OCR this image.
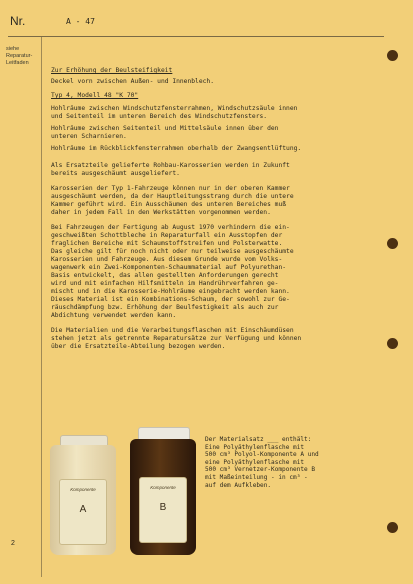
Nr.	A - 47
siehe
Reparatur-
Leitfaden
Zur Erhöhung der Beulsteifigkeit

Deckel vorn zwischen Außen- und Innenblech.

Typ 4, Modell 48 "K 70"

Hohlräume zwischen Windschutzfensterrahmen, Windschutzsäule innen
und Seitenteil im unteren Bereich des Windschutzfensters.

Hohlräume zwischen Seitenteil und Mittelsäule innen über den
unteren Scharnieren.

Hohlräume im Rückblickfensterrahmen oberhalb der Zwangsentlüftung.

Als Ersatzteile gelieferte Rohbau-Karosserien werden in Zukunft
bereits ausgeschäumt ausgeliefert.

Karosserien der Typ 1-Fahrzeuge können nur in der oberen Kammer
ausgeschäumt werden, da der Hauptleitungsstrang durch die untere
Kammer geführt wird. Ein Ausschäumen des unteren Bereiches muß
daher in jedem Fall in den Werkstätten vorgenommen werden.

Bei Fahrzeugen der Fertigung ab August 1970 verhindern die ein-
geschweißten Schottbleche in Reparaturfall ein Ausstopfen der
fraglichen Bereiche mit Schaumstoffstreifen und Polsterwatte.
Das gleiche gilt für noch nicht oder nur teilweise ausgeschäumte
Karosserien und Fahrzeuge. Aus diesem Grunde wurde vom Volks-
wagenwerk ein Zwei-Komponenten-Schaummaterial auf Polyurethan-
Basis entwickelt, das allen gestellten Anforderungen gerecht
wird und mit einfachen Hilfsmitteln im Handrührverfahren ge-
mischt und in die Karosserie-Hohlräume eingebracht werden kann.
Dieses Material ist ein Kombinations-Schaum, der sowohl zur Ge-
räuschdämpfung bzw. Erhöhung der Beulfestigkeit als auch zur
Abdichtung verwendet werden kann.

Die Materialien und die Verarbeitungsflaschen mit Einschäumdüsen
stehen jetzt als getrennte Reparatursätze zur Verfügung und können
über die Ersatzteile-Abteilung bezogen werden.

Komponente
A
Komponente
B
Der Materialsatz ___ enthält:
Eine Polyäthylenflasche mit
500 cm³ Polyol-Komponente A und
eine Polyäthylenflasche mit
500 cm³ Vernetzer-Komponente B
mit Maßeinteilung - in cm³ -
auf dem Aufkleben.
2
